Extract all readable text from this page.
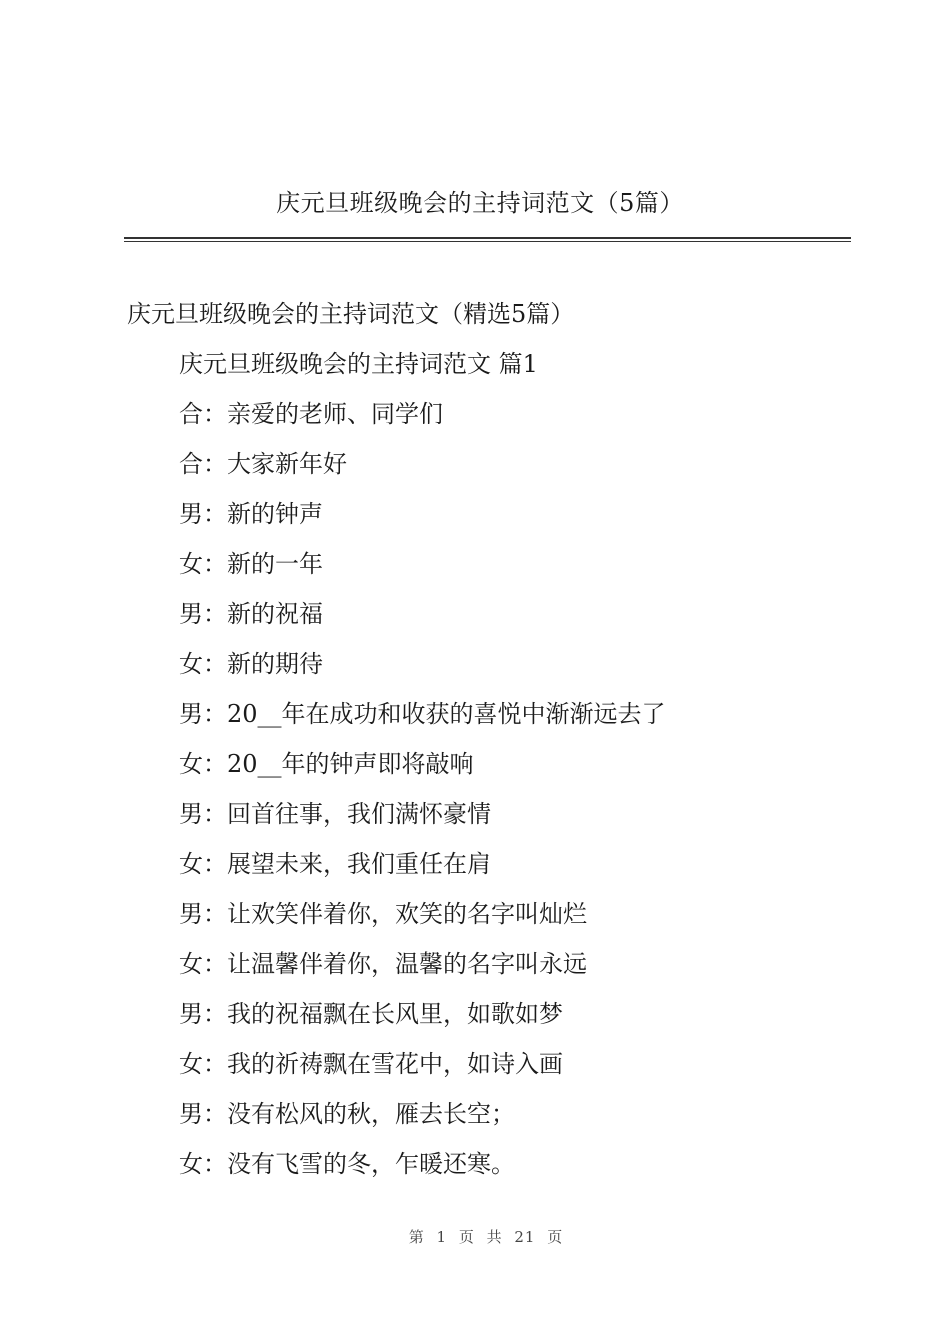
庆元旦班级晚会的主持词范文（5篇）
庆元旦班级晚会的主持词范文（精选5篇）
庆元旦班级晚会的主持词范文 篇1
合：亲爱的老师、同学们
合：大家新年好
男：新的钟声
女：新的一年
男：新的祝福
女：新的期待
男：20__年在成功和收获的喜悦中渐渐远去了
女：20__年的钟声即将敲响
男：回首往事，我们满怀豪情
女：展望未来，我们重任在肩
男：让欢笑伴着你，欢笑的名字叫灿烂
女：让温馨伴着你，温馨的名字叫永远
男：我的祝福飘在长风里，如歌如梦
女：我的祈祷飘在雪花中，如诗入画
男：没有松风的秋，雁去长空；
女：没有飞雪的冬，乍暖还寒。
第 1 页 共 21 页
